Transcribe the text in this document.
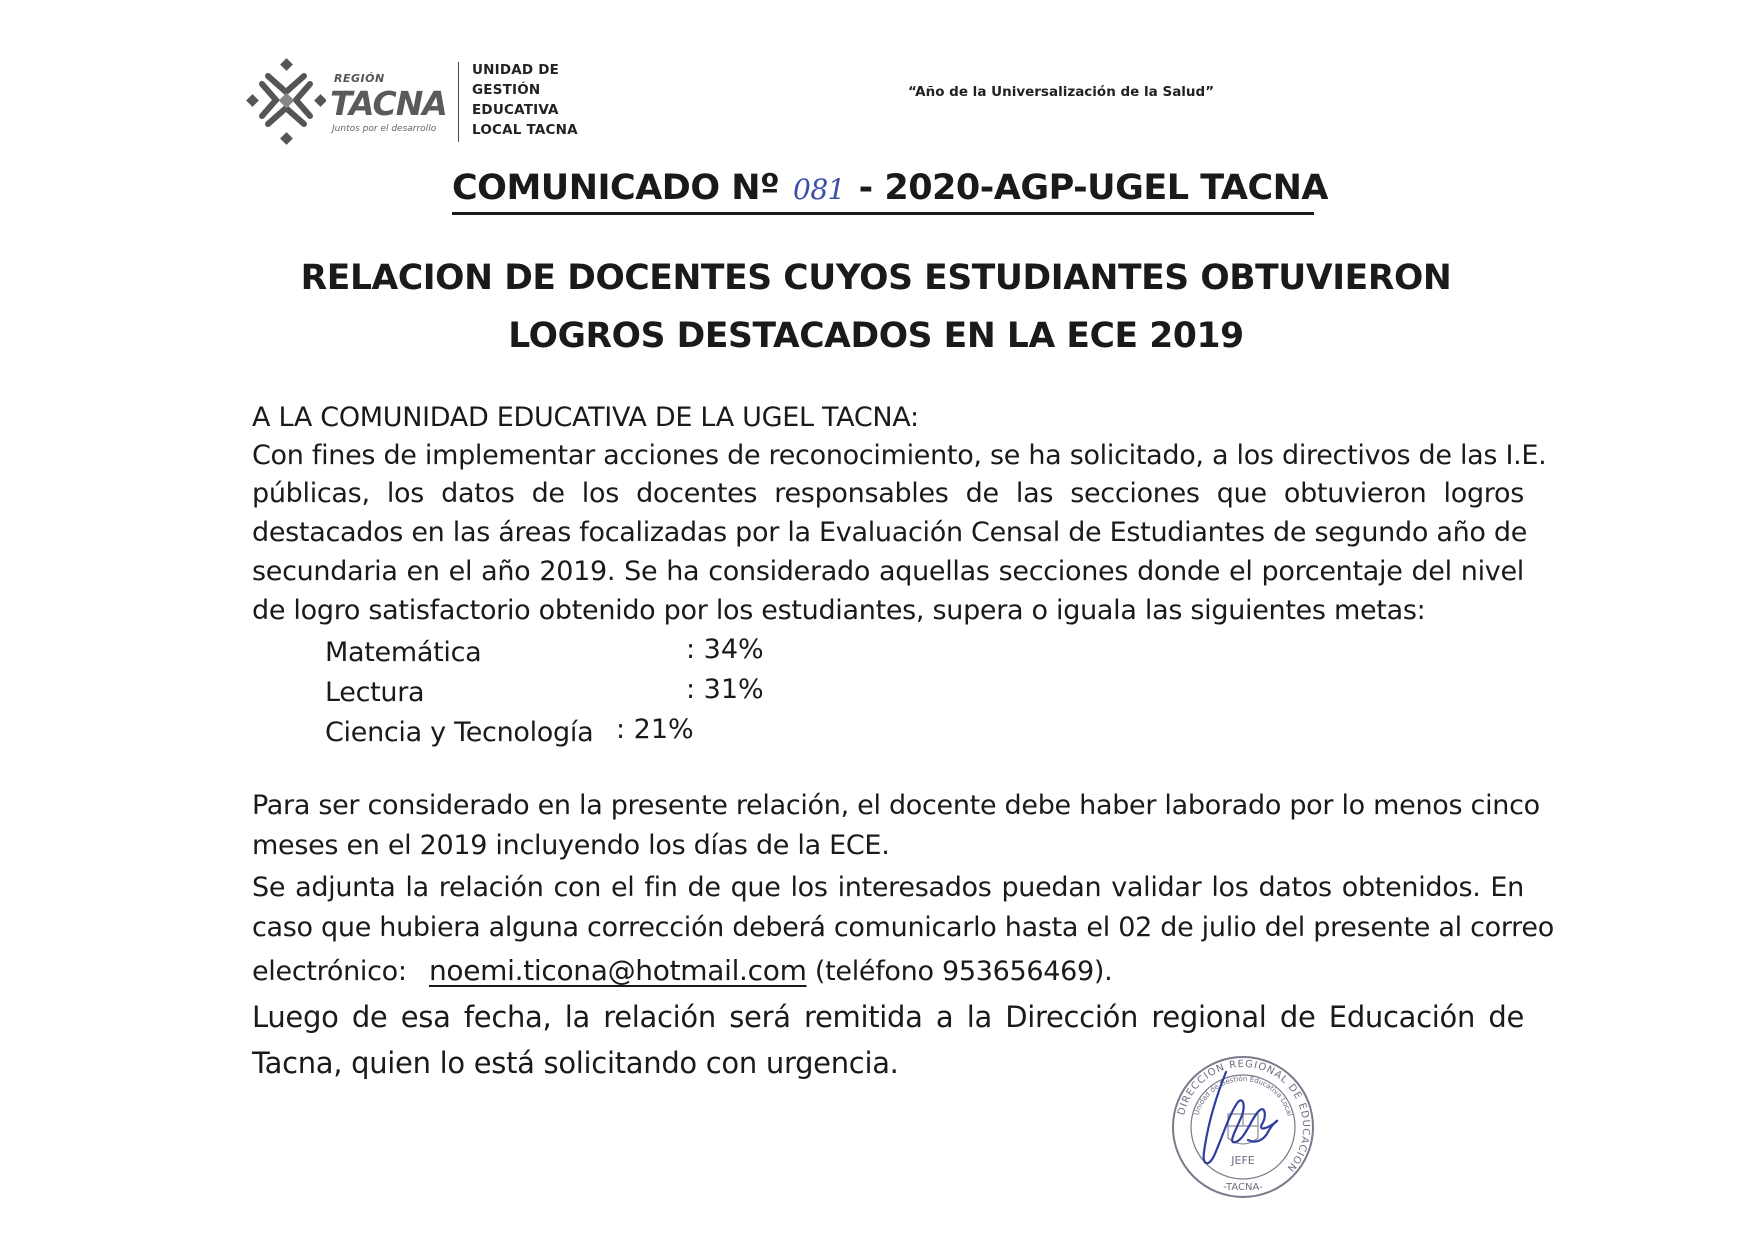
REGIÓN
TACNA
Juntos por el desarrollo
UNIDAD DE
GESTIÓN
EDUCATIVA
LOCAL TACNA
“Año de la Universalización de la Salud”
COMUNICADO Nº 081 - 2020-AGP-UGEL TACNA
RELACION DE DOCENTES CUYOS ESTUDIANTES OBTUVIERON
LOGROS DESTACADOS EN LA ECE 2019
A LA COMUNIDAD EDUCATIVA DE LA UGEL TACNA:
Con fines de implementar acciones de reconocimiento, se ha solicitado, a los directivos de las I.E.
públicas, los datos de los docentes responsables de las secciones que obtuvieron logros
destacados en las áreas focalizadas por la Evaluación Censal de Estudiantes de segundo año de
secundaria en el año 2019. Se ha considerado aquellas secciones donde el porcentaje del nivel
de logro satisfactorio obtenido por los estudiantes, supera o iguala las siguientes metas:
Matemática	: 34%
Lectura	: 31%
Ciencia y Tecnología : 21%
Para ser considerado en la presente relación, el docente debe haber laborado por lo menos cinco
meses en el 2019 incluyendo los días de la ECE.
Se adjunta la relación con el fin de que los interesados puedan validar los datos obtenidos. En
caso que hubiera alguna corrección deberá comunicarlo hasta el 02 de julio del presente al correo
electrónico: noemi.ticona@hotmail.com (teléfono 953656469).
Luego de esa fecha, la relación será remitida a la Dirección regional de Educación de
Tacna, quien lo está solicitando con urgencia.
DIRECCION REGIONAL DE EDUCACION
Unidad de Gestión Educativa Local
JEFE
-TACNA-
